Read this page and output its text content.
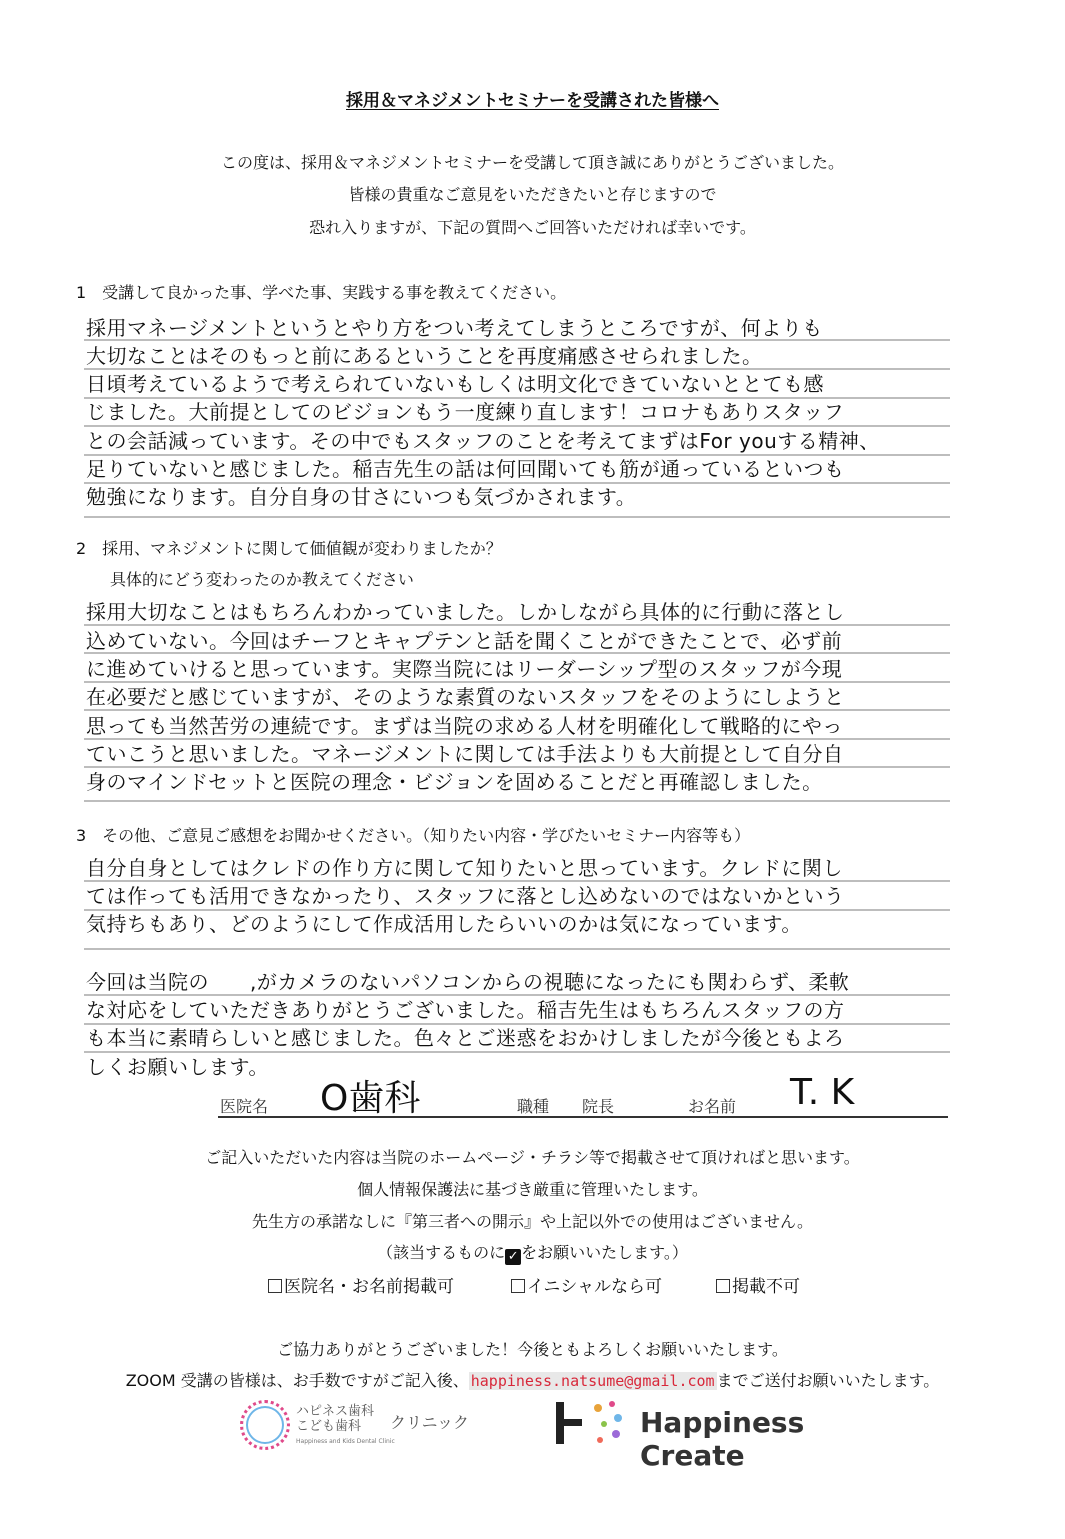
採用＆マネジメントセミナーを受講された皆様へ
この度は、採用＆マネジメントセミナーを受講して頂き誠にありがとうございました。
皆様の貴重なご意見をいただきたいと存じますので
恐れ入りますが、下記の質問へご回答いただければ幸いです。
1　受講して良かった事、学べた事、実践する事を教えてください。
採用マネージメントというとやり方をつい考えてしまうところですが、何よりも
大切なことはそのもっと前にあるということを再度痛感させられました。
日頃考えているようで考えられていないもしくは明文化できていないととても感
じました。大前提としてのビジョンもう一度練り直します！コロナもありスタッフ
との会話減っています。その中でもスタッフのことを考えてまずはFor youする精神、
足りていないと感じました。稲吉先生の話は何回聞いても筋が通っているといつも
勉強になります。自分自身の甘さにいつも気づかされます。
2　採用、マネジメントに関して価値観が変わりましたか？
具体的にどう変わったのか教えてください
採用大切なことはもちろんわかっていました。しかしながら具体的に行動に落とし
込めていない。今回はチーフとキャプテンと話を聞くことができたことで、必ず前
に進めていけると思っています。実際当院にはリーダーシップ型のスタッフが今現
在必要だと感じていますが、そのような素質のないスタッフをそのようにしようと
思っても当然苦労の連続です。まずは当院の求める人材を明確化して戦略的にやっ
ていこうと思いました。マネージメントに関しては手法よりも大前提として自分自
身のマインドセットと医院の理念・ビジョンを固めることだと再確認しました。
3　その他、ご意見ご感想をお聞かせください。（知りたい内容・学びたいセミナー内容等も）
自分自身としてはクレドの作り方に関して知りたいと思っています。クレドに関し
ては作っても活用できなかったり、スタッフに落とし込めないのではないかという
気持ちもあり、どのようにして作成活用したらいいのかは気になっています。
今回は当院の　　,がカメラのないパソコンからの視聴になったにも関わらず、柔軟
な対応をしていただきありがとうございました。稲吉先生はもちろんスタッフの方
も本当に素晴らしいと感じました。色々とご迷惑をおかけしましたが今後ともよろ
しくお願いします。
医院名 O歯科	職種 院長	お名前 T. K
ご記入いただいた内容は当院のホームページ・チラシ等で掲載させて頂ければと思います。
個人情報保護法に基づき厳重に管理いたします。
先生方の承諾なしに『第三者への開示』や上記以外での使用はございません。
（該当するものに ✓ をお願いいたします。）
医院名・お名前掲載可	イニシャルなら可	掲載不可
ご協力ありがとうございました！今後ともよろしくお願いいたします。
ZOOM 受講の皆様は、お手数ですがご記入後、 happiness.natsume@gmail.com までご送付お願いいたします。
ハピネス歯科
こども歯科	クリニック
Happiness and Kids Dental Clinic
Happiness Create
